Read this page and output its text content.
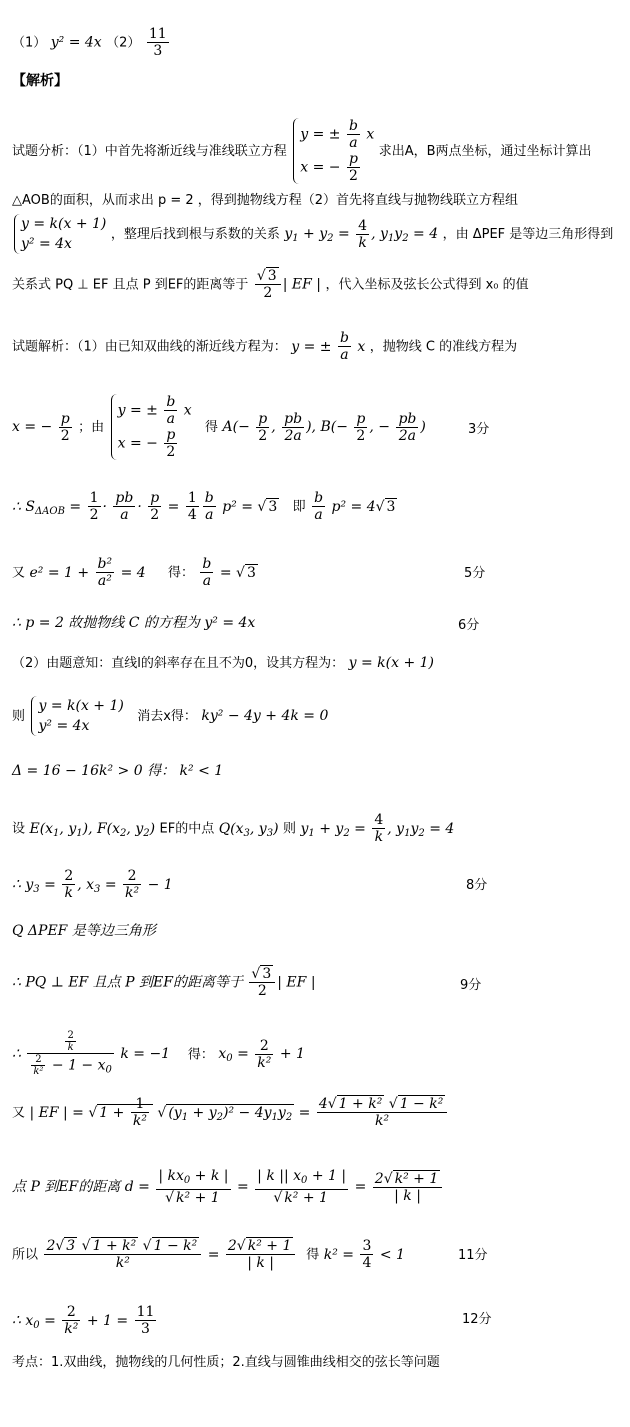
（1） y² = 4x $(2) \frac{11}{3}$
【解析】
试题分析：（1）中首先将渐近线与准线联立方程
y = ± $\frac{b}{a}$ x
x = − $\frac{p}{2}$ 求出A，B两点坐标，通过坐标计算出
△AOB的面积，从而求出 p = 2 ，得到抛物线方程（2）首先将直线与抛物线联立方程组
y = k(x + 1)
y² = 4x
，整理后找到根与系数的关系 $y_1 + y_2 = \frac{4}{k}$ , $y_1y_2 = 4$ ，由 ΔPEF 是等边三角形得到
关系式 PQ ⊥ EF 且点 P 到EF的距离等于 $\frac{√ 3}{2}$ | EF | ，代入坐标及弦长公式得到 x₀ 的值
试题解析：（1）由已知双曲线的渐近线方程为： y = ± $\frac{b}{a}$ x ，抛物线 C 的准线方程为
x = − $\frac{p}{2}$ ；由
y = ± $\frac{b}{a}$ x
x = − $\frac{p}{2}$ 得 $A(- \frac{p}{2}$ , $\frac{pb}{2a}$ ), $B(- \frac{p}{2}$ , − $\frac{pb}{2a}$ )	3分
∴ $S_{\Delta AOB} = \frac{1}{2} \cdot \frac{pb}{a} \cdot \frac{p}{2} = \frac{1}{4} \frac{b}{a} p^2$ = √ 3 即 $\frac{b}{a} p^2 = 4√$ 3
又 $e^2 = 1 + \frac{\text{b²}}{\text{a²}} = 4$ 得： $\frac{b}{a}$ = √ 3	5分
∴ p = 2 故抛物线 C 的方程为 y² = 4x	6分
（2）由题意知：直线l的斜率存在且不为0，设其方程为： y = k(x + 1)
则
y = k(x + 1)
y² = 4x
消去x得： ky² − 4y + 4k = 0
Δ = 16 − 16k² > 0 得： k² < 1
设 $E(x_1$, $y_1$), $F(x_2$, $y_2$) EF的中点 $Q(x_3$, $y_3$) 则 $y_1 + y_2 = \frac{4}{k}$ , $y_1y_2 = 4$
∴ $y_3 = \frac{2}{k}$ , $x_3 = \frac{2}{\text{k²}} - 1$	8分
Q ΔPEF 是等边三角形
∴ PQ ⊥ EF 且点 P 到EF的距离等于 $\frac{√ 3}{2}$ | EF |	9分
∴ $\frac{\frac{2}{k}}{\frac{2}{\text{k²}} - 1 - x_0}$ k = −1 得： $x_0 = \frac{2}{\text{k²}} + 1$
又 | EF | = √ $1 + \frac{1}{\text{k²}}$ √ $(y_1 + y_2)^2 - 4y_1y_2 = \frac{\text{4√ 1 + k² √ 1 − k²}}{\text{k²}}$
点 P 到EF的距离 $d = \frac{| kx_0 + k |}{\text{√ k² + 1}} = \frac{| k || x_0 + 1 |}{\text{√ k² + 1}} = \frac{\text{2√ k² + 1}}{| k |}$
所以 $\frac{\text{2√ 3 √ 1 + k² √ 1 − k²}}{\text{k²}} = \frac{\text{2√ k² + 1}}{| k |}$ 得 $k^2 = \frac{3}{4} < 1$	11分
∴ $x_0 = \frac{2}{\text{k²}} + 1 = \frac{11}{3}$	12分
考点：1.双曲线，抛物线的几何性质；2.直线与圆锥曲线相交的弦长等问题
